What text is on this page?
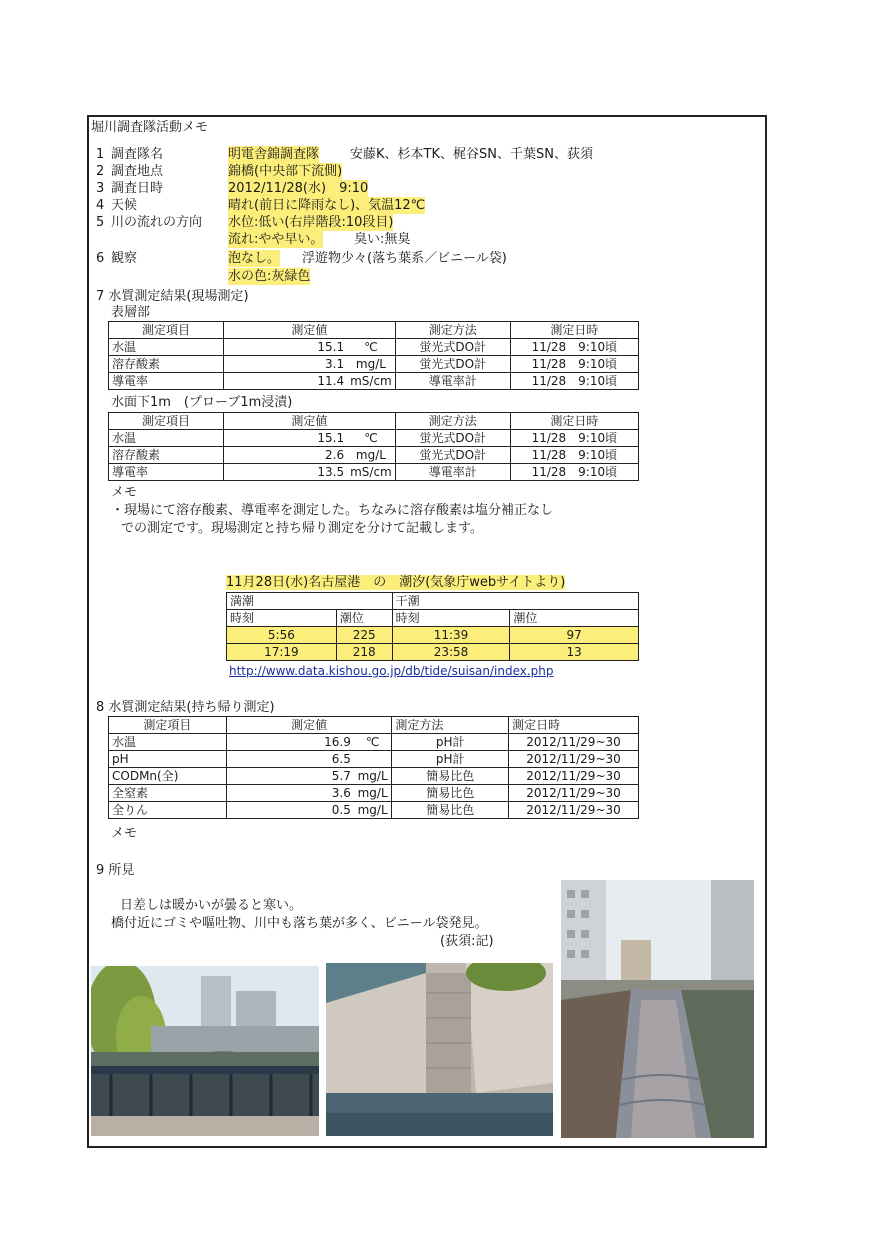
堀川調査隊活動メモ
1 調査隊名	明電舎錦調査隊 安藤K、杉本TK、梶谷SN、千葉SN、荻須
2 調査地点	錦橋(中央部下流側)
3 調査日時	2012/11/28(水)　9:10
4 天候	晴れ(前日に降雨なし)、気温12℃
5 川の流れの方向 水位:低い(右岸階段:10段目)
流れ:やや早い。 臭い:無臭
6 観察	泡なし。 浮遊物少々(落ち葉系／ビニール袋)
水の色:灰緑色
7 水質測定結果(現場測定)
表層部
測定項目	測定値		測定方法	測定日時
水温	15.1	℃	蛍光式DO計	11/28　9:10頃
溶存酸素	3.1	mg/L	蛍光式DO計	11/28　9:10頃
導電率	11.4	mS/cm	導電率計	11/28　9:10頃
水面下1m　(プローブ1m浸漬)
測定項目	測定値		測定方法	測定日時
水温	15.1	℃	蛍光式DO計	11/28　9:10頃
溶存酸素	2.6	mg/L	蛍光式DO計	11/28　9:10頃
導電率	13.5	mS/cm	導電率計	11/28　9:10頃
メモ
・現場にて溶存酸素、導電率を測定した。ちなみに溶存酸素は塩分補正なし
での測定です。現場測定と持ち帰り測定を分けて記載します。
11月28日(水)名古屋港　の　潮汐(気象庁webサイトより)
満潮		干潮	
時刻	潮位	時刻	潮位
5:56	225	11:39	97
17:19	218	23:58	13
http://www.data.kishou.go.jp/db/tide/suisan/index.php
8 水質測定結果(持ち帰り測定)
測定項目	測定値		測定方法	測定日時
水温	16.9	℃	pH計	2012/11/29~30
pH	6.5		pH計	2012/11/29~30
CODMn(全)	5.7	mg/L	簡易比色	2012/11/29~30
全窒素	3.6	mg/L	簡易比色	2012/11/29~30
全りん	0.5	mg/L	簡易比色	2012/11/29~30
メモ
9 所見
日差しは暖かいが曇ると寒い。
橋付近にゴミや嘔吐物、川中も落ち葉が多く、ビニール袋発見。
(荻須:記)
